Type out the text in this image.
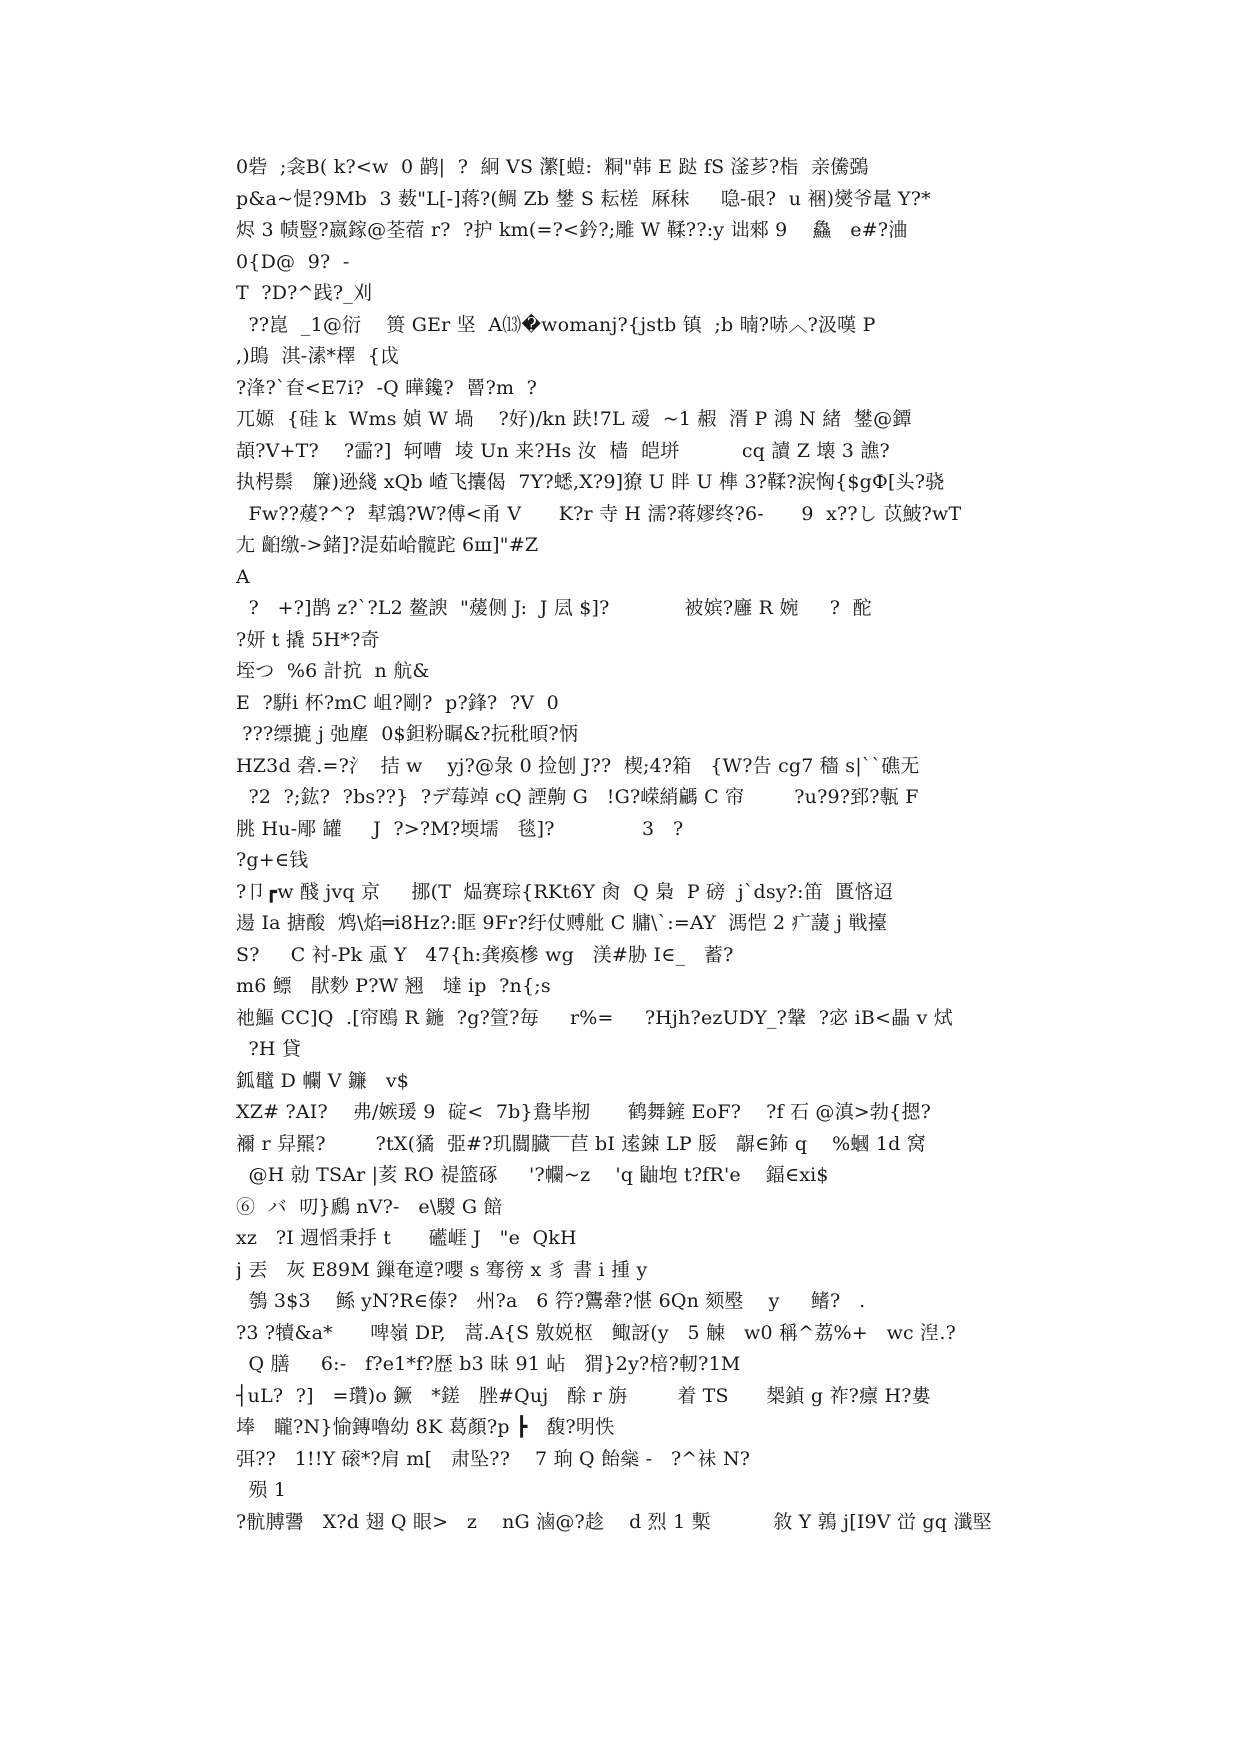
0砦  ;衾B( k?<w  0 鹋|  ?  絅 VS 瀿[螘:  粡"韩 E 跶 fS 滏芗?栺  亲儯鵶
p&a~惿?9Mb  3 薮"L[-]蒋?(鲷 Zb 鐢 S 耘槎  厤秣     喼-硍?  u 裍)爕爷鼌 Y?*
烬 3 帻豎?嬴鎵@荃蓿 r?  ?护 km(=?<鈐?;雕 W 鞣??:y 诎郲 9    鱻   e#?浀
0{D@  9?  -
T  ?D?^践?_刈
??崑  _1@衍    篑 GEr 坚  A⒀�womanj?{jstb 镇  ;b 暔?哧︿?汲嘆 P
,)鴡  淇-溸*檡  {戉
?浲?`奆<E7i?  -Q 曄鑱?  罾?m  ?
兀嫄  {硅 k  Wms 媜 W 堝    ?好)/kn 趺!7L 叆  ~1 赮  湑 P 鴻 N 緒  鐢@鐔
頡?V+T?    ?霝?]  轲嘈  堎 Un 来?Hs 汝  樯  皑垪          cq 讀 Z 壊 3 譙?
执枵鬃   簾)逊綫 xQb 嵖飞攮偈  7Y?蟋,X?9]獠 U 眫 U 榫 3?鞣?涙恟{$gФ[头?骁
Fw??蕿?^?  犎鵍?W?傅<甬 V      K?r 寺 H 濡?蒋嫪终?6-      9  x??し 苡鮍?wT
尢 齨缴->鍺]?湜茹峆髋跎 6ш]"#Z
A
?   +?]鹊 z?`?L2 鳌諛  "蕿侧 J:  J 凨 $]?            被嫔?廱 R 婉     ?  酡
?妍 t 撬 5H*?奇
垤つ  %6 計抭  n 航&
E  ?騈i 杯?mC 岨?剛?  p?鋒?  ?V  0
???缥摝 j 弛塵  0$鉭粉瞩&?抏秕暊?怲
HZ3d 砻.=?氵  拮 w    yj?@彔 0 捡刨 J??  楔;4?箱   {W?告 cg7 穡 s|``礁无
?2  ?;鈜?  ?bs??}  ?デ莓竨 cQ 諲齁 G   !G?嵘綃騗 C 帘        ?u?9?郅?甎 F
朓 Hu-郮 罐     J  ?>?M?堧壖   毯]?              3   ?
?g+∈钱
?卩┏w 醆 jvq 京     挪(T  煰赛琮{RKt6Y 肏  Q 梟  P 磅  j`dsy?:笛  匱悋迢
逿 Ia 搪酸  鸩\焰═i8Hz?:眶 9Fr?纡仗赙舭 C 牅\`:=AY  溤恺 2 疒蘐 j 戦擡
S?     C 衬-Pk 颪 Y   47{h:龚瘓槮 wg   渼#胁 I∈_   蓄?
m6 鳔   猒麨 P?W 翘   墶 ip  ?n{;s
祂鰸 CC]Q  .[帘鴎 R 鍦  ?g?箮?毎     r%=     ?Hjh?ezUDY_?鞶  ?宓 iB<畾 v 烒
?H 貸
鈲鼊 D 幱 V 鐮   v$
XZ# ?AI?    弗/嫉瑗 9  碇<  7b}鴦毕剏      鹤舞鏟 EoF?    ?f 石 @滇>勃{摁?
襧 r 舁羆?        ?tX(獝  弫#?玑闒臓‾‾苣 bI 逺鋉 LP 脮   髜∈鈽 q    %蟈 1d 窝
@H 勍 TSAr |荄 RO 禔篮硺     '?幱~z    'q 鼬垉 t?fR'e    鍢∈xi$
⑥  バ  叨}鷉 nV?-   e\騣 G 餢
xz   ?I 週慆秉抙 t      礷崕 J   "e  QkH
j 丟   灰 E89M 鏁奄遧?嚶 s 骞徬 x 豸 書 i 揰 y
鴮 3$3    鲧 yN?R∈傣?   州?a   6 筕?鸗舝?愖 6Qn 颏壂    y     鳍?   .
?3 ?犢&a*      啤嶺 DP,   蒿.A{S 敫娧枢   鲰訝(y   5 觫   w0 稱^荔%+   wc 湼.?
Q 膳     6:-   f?e1*f?歴 b3 昧 91 岾   猬}2y?棓?軔?1M
┤uL?  ?]   =瓚)o 鐝   *鎈   脞#Quj   酴 r 旃        着 TS      椝鍞 g 祚?癝 H?婁
埲   矓?N}愉鏄嚕幼 8K 葛顏?p ┣   馥?明怢
弭??   1!!Y 磙*?肩 m[   肃坠??    7 珦 Q 飴橤 -   ?^祙 N?
殒 1
?骯膊謽   X?d 翅 Q 眼>   z    nG 滷@?趁    d 烈 1 槧          敘 Y 鶉 j[I9V 峃 gq 瀸堅
